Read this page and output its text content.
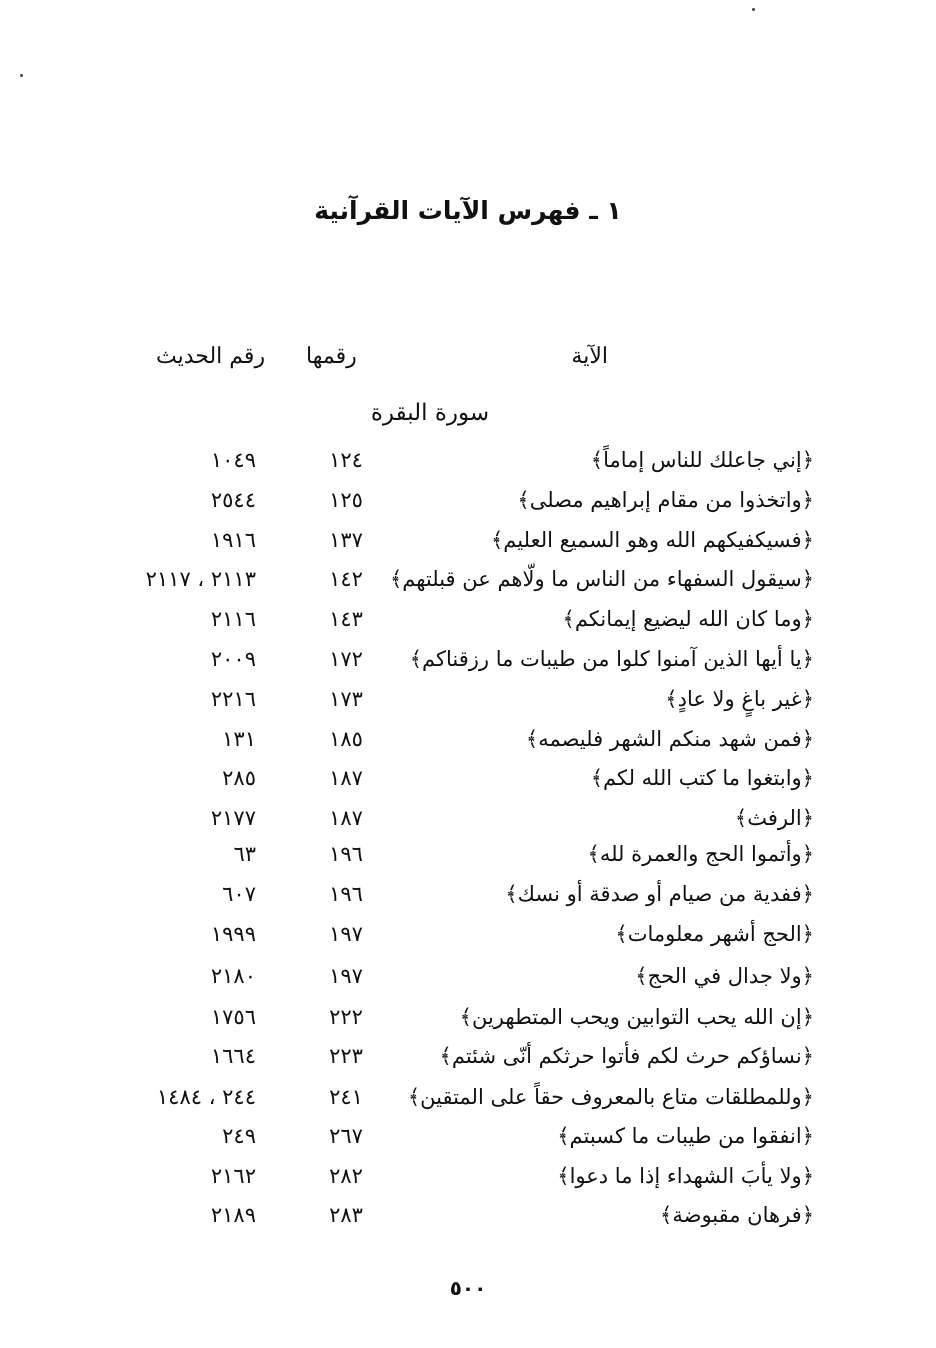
١ ـ فهرس الآيات القرآنية
الآية
رقمها
رقم الحديث
سورة البقرة
﴿إني جاعلك للناس إماماً﴾
١٢٤
١٠٤٩
﴿واتخذوا من مقام إبراهيم مصلى﴾
١٢٥
٢٥٤٤
﴿فسيكفيكهم الله وهو السميع العليم﴾
١٣٧
١٩١٦
﴿سيقول السفهاء من الناس ما ولّاهم عن قبلتهم﴾
١٤٢
٢١١٣ ، ٢١١٧
﴿وما كان الله ليضيع إيمانكم﴾
١٤٣
٢١١٦
﴿يا أيها الذين آمنوا كلوا من طيبات ما رزقناكم﴾
١٧٢
٢٠٠٩
﴿غير باغٍ ولا عادٍ﴾
١٧٣
٢٢١٦
﴿فمن شهد منكم الشهر فليصمه﴾
١٨٥
١٣١
﴿وابتغوا ما كتب الله لكم﴾
١٨٧
٢٨٥
﴿الرفث﴾
١٨٧
٢١٧٧
﴿وأتموا الحج والعمرة لله﴾
١٩٦
٦٣
﴿ففدية من صيام أو صدقة أو نسك﴾
١٩٦
٦٠٧
﴿الحج أشهر معلومات﴾
١٩٧
١٩٩٩
﴿ولا جدال في الحج﴾
١٩٧
٢١٨٠
﴿إن الله يحب التوابين ويحب المتطهرين﴾
٢٢٢
١٧٥٦
﴿نساؤكم حرث لكم فأتوا حرثكم أنّى شئتم﴾
٢٢٣
١٦٦٤
﴿وللمطلقات متاع بالمعروف حقاً على المتقين﴾
٢٤١
٢٤٤ ، ١٤٨٤
﴿انفقوا من طيبات ما كسبتم﴾
٢٦٧
٢٤٩
﴿ولا يأبَ الشهداء إذا ما دعوا﴾
٢٨٢
٢١٦٢
﴿فرهان مقبوضة﴾
٢٨٣
٢١٨٩
٥٠٠
